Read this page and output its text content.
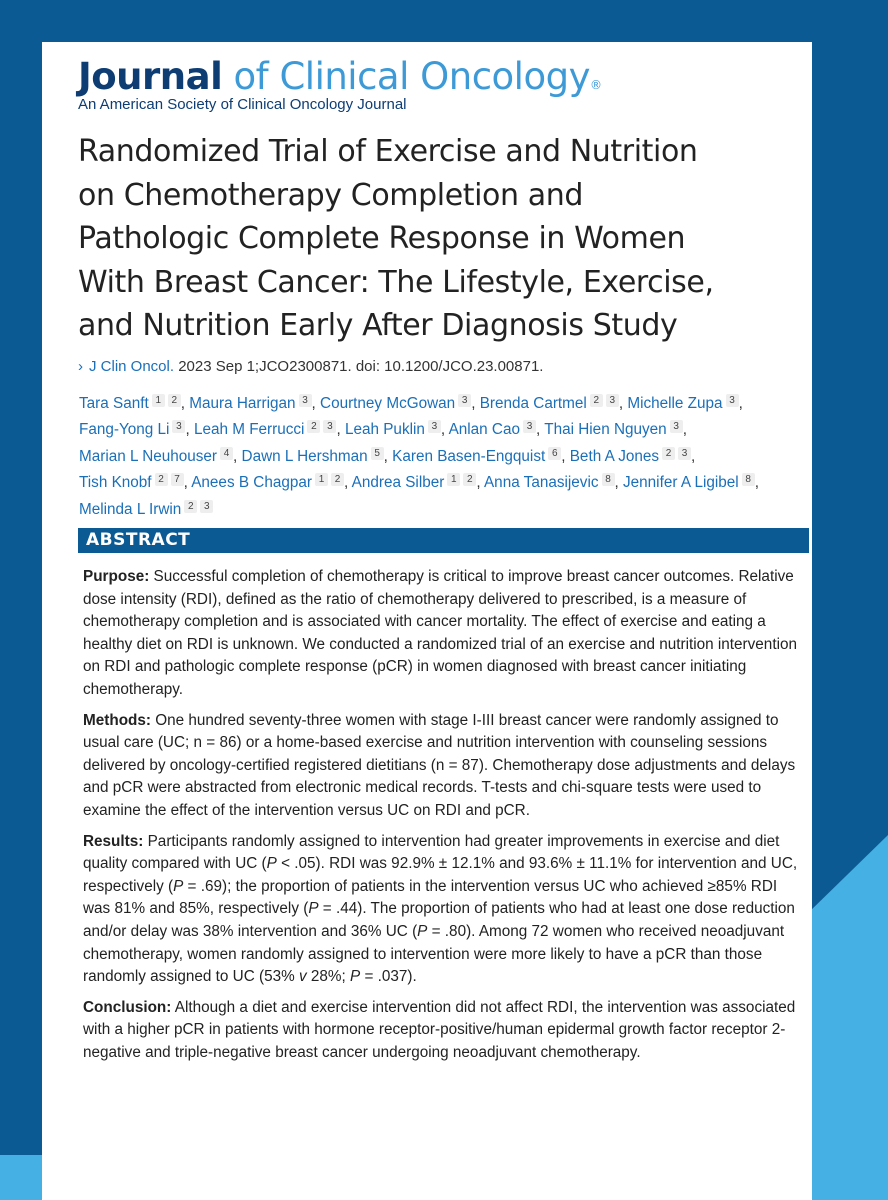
Journal of Clinical Oncology®
An American Society of Clinical Oncology Journal
Randomized Trial of Exercise and Nutrition
on Chemotherapy Completion and
Pathologic Complete Response in Women
With Breast Cancer: The Lifestyle, Exercise,
and Nutrition Early After Diagnosis Study
› J Clin Oncol. 2023 Sep 1;JCO2300871. doi: 10.1200/JCO.23.00871.
Tara Sanft 1 2 , Maura Harrigan 3 , Courtney McGowan 3 , Brenda Cartmel 2 3 , Michelle Zupa 3 , Fang-Yong Li 3 , Leah M Ferrucci 2 3 , Leah Puklin 3 , Anlan Cao 3 , Thai Hien Nguyen 3 , Marian L Neuhouser 4 , Dawn L Hershman 5 , Karen Basen-Engquist 6 , Beth A Jones 2 3 , Tish Knobf 2 7 , Anees B Chagpar 1 2 , Andrea Silber 1 2 , Anna Tanasijevic 8 , Jennifer A Ligibel 8 , Melinda L Irwin 2 3
ABSTRACT

Purpose: Successful completion of chemotherapy is critical to improve breast cancer outcomes. Relative dose intensity (RDI), defined as the ratio of chemotherapy delivered to prescribed, is a measure of chemotherapy completion and is associated with cancer mortality. The effect of exercise and eating a healthy diet on RDI is unknown. We conducted a randomized trial of an exercise and nutrition intervention on RDI and pathologic complete response (pCR) in women diagnosed with breast cancer initiating chemotherapy.

Methods: One hundred seventy-three women with stage I-III breast cancer were randomly assigned to usual care (UC; n = 86) or a home-based exercise and nutrition intervention with counseling sessions delivered by oncology-certified registered dietitians (n = 87). Chemotherapy dose adjustments and delays and pCR were abstracted from electronic medical records. T-tests and chi-square tests were used to examine the effect of the intervention versus UC on RDI and pCR.

Results: Participants randomly assigned to intervention had greater improvements in exercise and diet quality compared with UC (P < .05). RDI was 92.9% ± 12.1% and 93.6% ± 11.1% for intervention and UC, respectively (P = .69); the proportion of patients in the intervention versus UC who achieved ≥85% RDI was 81% and 85%, respectively (P = .44). The proportion of patients who had at least one dose reduction and/or delay was 38% intervention and 36% UC (P = .80). Among 72 women who received neoadjuvant chemotherapy, women randomly assigned to intervention were more likely to have a pCR than those randomly assigned to UC (53% v 28%; P = .037).

Conclusion: Although a diet and exercise intervention did not affect RDI, the intervention was associated with a higher pCR in patients with hormone receptor-positive/human epidermal growth factor receptor 2-negative and triple-negative breast cancer undergoing neoadjuvant chemotherapy.
